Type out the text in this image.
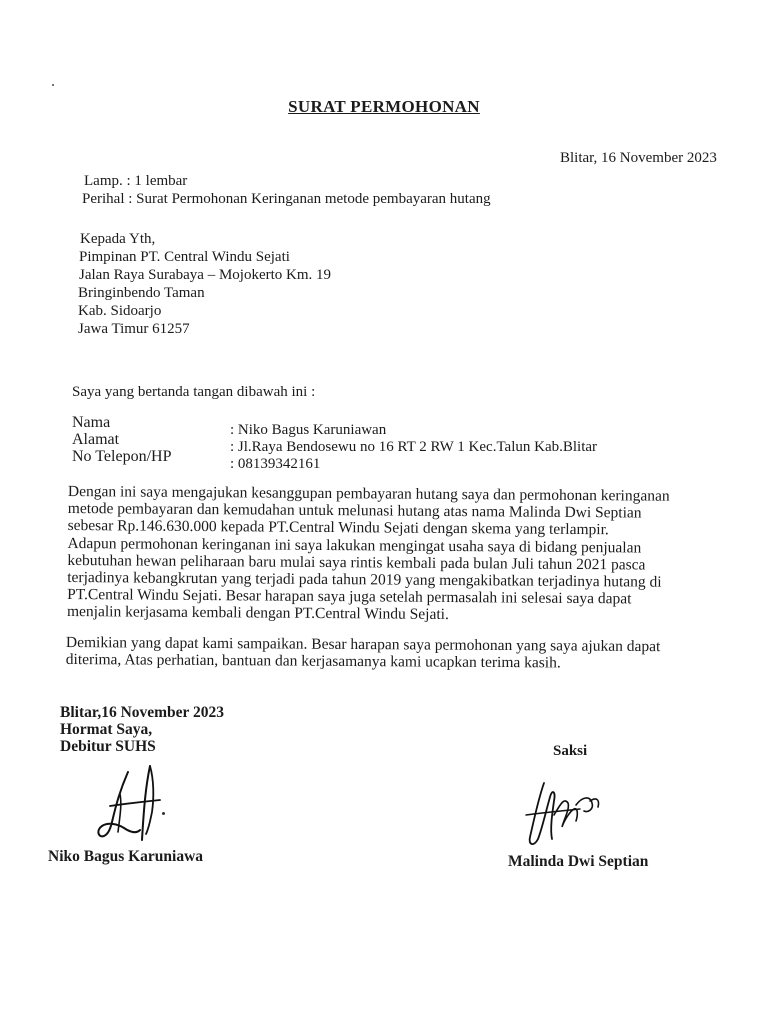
SURAT PERMOHONAN
Blitar, 16 November 2023
Lamp. : 1 lembar
Perihal : Surat Permohonan Keringanan metode pembayaran hutang
Kepada Yth,
Pimpinan PT. Central Windu Sejati
Jalan Raya Surabaya – Mojokerto Km. 19
Bringinbendo Taman
Kab. Sidoarjo
Jawa Timur 61257
Saya yang bertanda tangan dibawah ini :
Nama
Alamat
No Telepon/HP
: Niko Bagus Karuniawan
: Jl.Raya Bendosewu no 16 RT 2 RW 1 Kec.Talun Kab.Blitar
: 08139342161
Dengan ini saya mengajukan kesanggupan pembayaran hutang saya dan permohonan keringanan
metode pembayaran dan kemudahan untuk melunasi hutang atas nama Malinda Dwi Septian
sebesar Rp.146.630.000 kepada PT.Central Windu Sejati dengan skema yang terlampir.
Adapun permohonan keringanan ini saya lakukan mengingat usaha saya di bidang penjualan
kebutuhan hewan peliharaan baru mulai saya rintis kembali pada bulan Juli tahun 2021 pasca
terjadinya kebangkrutan yang terjadi pada tahun 2019 yang mengakibatkan terjadinya hutang di
PT.Central Windu Sejati. Besar harapan saya juga setelah permasalah ini selesai saya dapat
menjalin kerjasama kembali dengan PT.Central Windu Sejati.
Demikian yang dapat kami sampaikan. Besar harapan saya permohonan yang saya ajukan dapat
diterima, Atas perhatian, bantuan dan kerjasamanya kami ucapkan terima kasih.
Blitar,16 November 2023
Hormat Saya,
Debitur SUHS	Saksi
Niko Bagus Karuniawa	Malinda Dwi Septian
